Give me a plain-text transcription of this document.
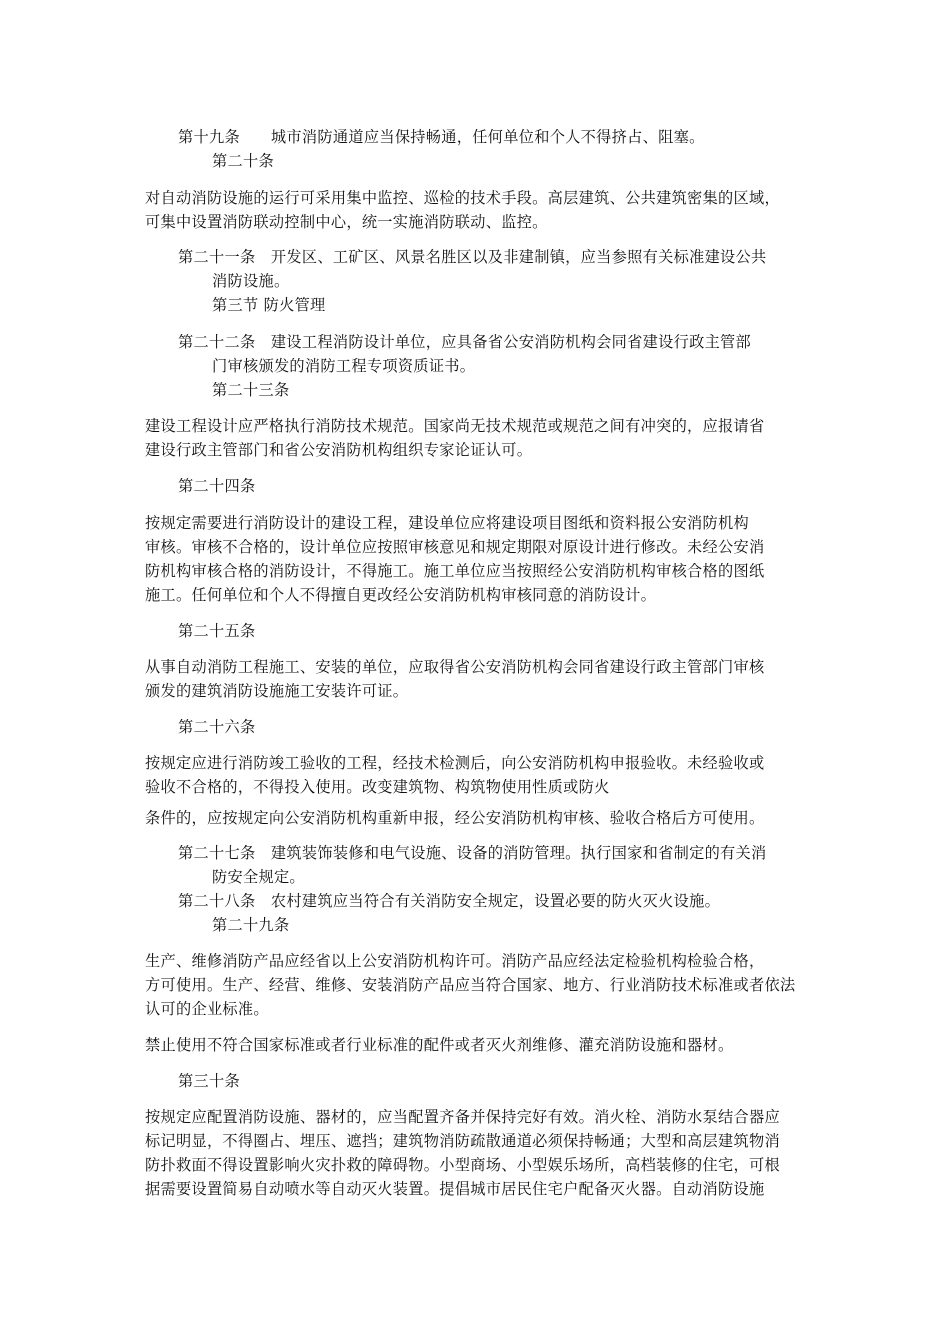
第十九条　　城市消防通道应当保持畅通，任何单位和个人不得挤占、阻塞。
第二十条
对自动消防设施的运行可采用集中监控、巡检的技术手段。高层建筑、公共建筑密集的区域，
可集中设置消防联动控制中心，统一实施消防联动、监控。
第二十一条　开发区、工矿区、风景名胜区以及非建制镇，应当参照有关标准建设公共
消防设施。
第三节 防火管理
第二十二条　建设工程消防设计单位，应具备省公安消防机构会同省建设行政主管部
门审核颁发的消防工程专项资质证书。
第二十三条
建设工程设计应严格执行消防技术规范。国家尚无技术规范或规范之间有冲突的，应报请省
建设行政主管部门和省公安消防机构组织专家论证认可。
第二十四条
按规定需要进行消防设计的建设工程，建设单位应将建设项目图纸和资料报公安消防机构
审核。审核不合格的，设计单位应按照审核意见和规定期限对原设计进行修改。未经公安消
防机构审核合格的消防设计，不得施工。施工单位应当按照经公安消防机构审核合格的图纸
施工。任何单位和个人不得擅自更改经公安消防机构审核同意的消防设计。
第二十五条
从事自动消防工程施工、安装的单位，应取得省公安消防机构会同省建设行政主管部门审核
颁发的建筑消防设施施工安装许可证。
第二十六条
按规定应进行消防竣工验收的工程，经技术检测后，向公安消防机构申报验收。未经验收或
验收不合格的，不得投入使用。改变建筑物、构筑物使用性质或防火
条件的，应按规定向公安消防机构重新申报，经公安消防机构审核、验收合格后方可使用。
第二十七条　建筑装饰装修和电气设施、设备的消防管理。执行国家和省制定的有关消
防安全规定。
第二十八条　农村建筑应当符合有关消防安全规定，设置必要的防火灭火设施。
第二十九条
生产、维修消防产品应经省以上公安消防机构许可。消防产品应经法定检验机构检验合格，
方可使用。生产、经营、维修、安装消防产品应当符合国家、地方、行业消防技术标准或者依法
认可的企业标准。
禁止使用不符合国家标准或者行业标准的配件或者灭火剂维修、灌充消防设施和器材。
第三十条
按规定应配置消防设施、器材的，应当配置齐备并保持完好有效。消火栓、消防水泵结合器应
标记明显，不得圈占、埋压、遮挡；建筑物消防疏散通道必须保持畅通；大型和高层建筑物消
防扑救面不得设置影响火灾扑救的障碍物。小型商场、小型娱乐场所，高档装修的住宅，可根
据需要设置简易自动喷水等自动灭火装置。提倡城市居民住宅户配备灭火器。自动消防设施
